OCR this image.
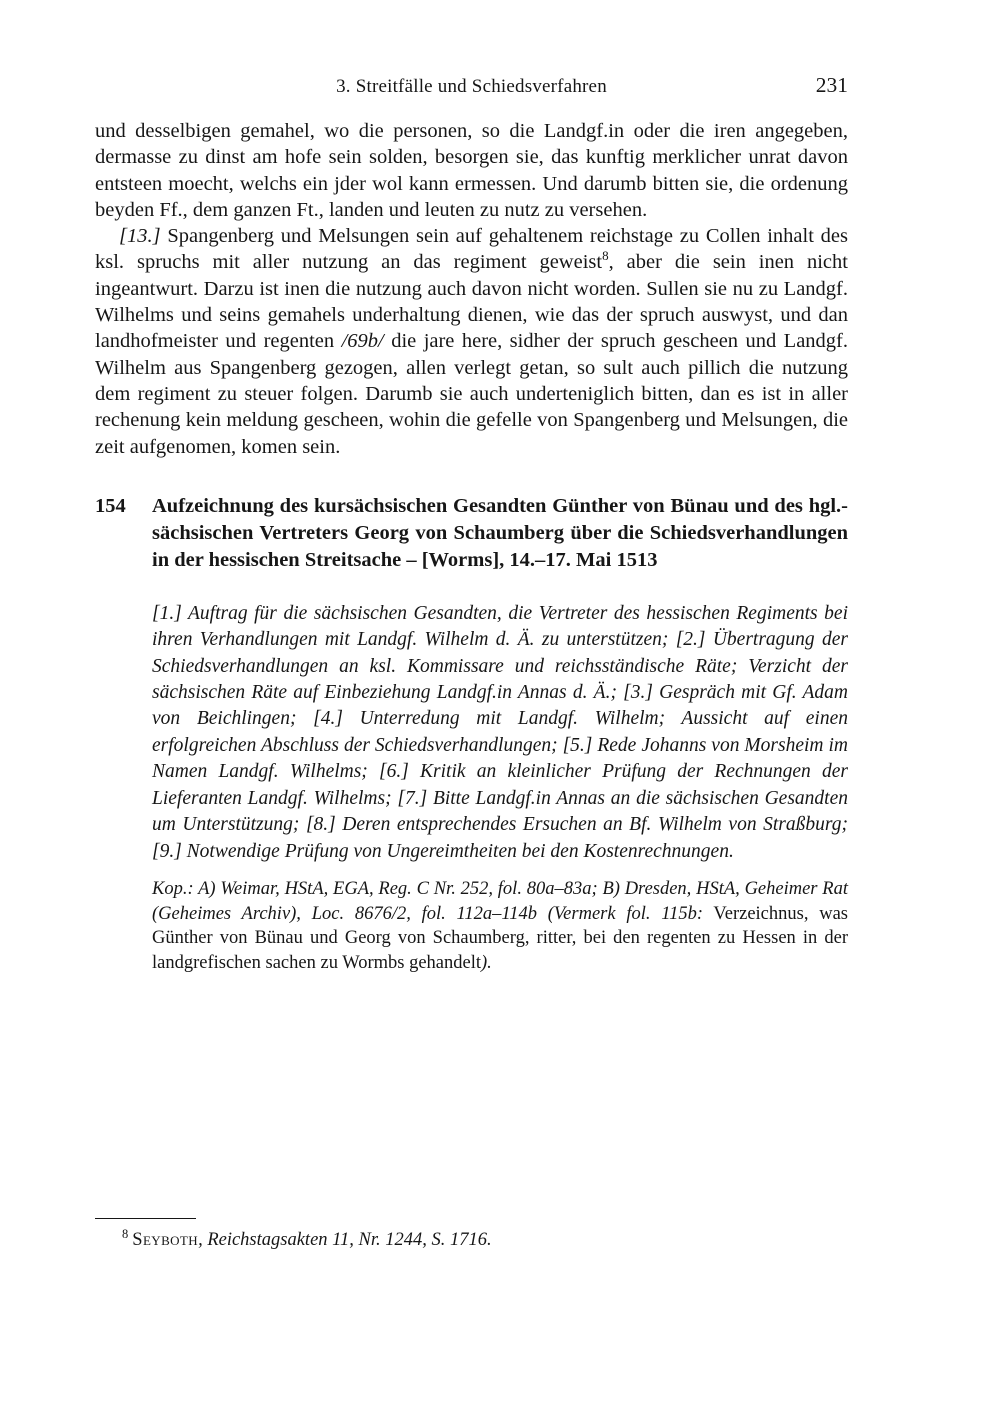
3. Streitfälle und Schiedsverfahren	231

und desselbigen gemahel, wo die personen, so die Landgf.in oder die iren angegeben, dermasse zu dinst am hofe sein solden, besorgen sie, das kunftig merklicher unrat davon entsteen moecht, welchs ein jder wol kann ermessen. Und darumb bitten sie, die ordenung beyden Ff., dem ganzen Ft., landen und leuten zu nutz zu versehen.

[13.] Spangenberg und Melsungen sein auf gehaltenem reichstage zu Collen inhalt des ksl. spruchs mit aller nutzung an das regiment geweist$^8$, aber die sein inen nicht ingeantwurt. Darzu ist inen die nutzung auch davon nicht worden. Sullen sie nu zu Landgf. Wilhelms und seins gemahels underhaltung dienen, wie das der spruch auswyst, und dan landhofmeister und regenten /69b/ die jare here, sidher der spruch gescheen und Landgf. Wilhelm aus Spangenberg gezogen, allen verlegt getan, so sult auch pillich die nutzung dem regiment zu steuer folgen. Darumb sie auch underteniglich bitten, dan es ist in aller rechenung kein meldung gescheen, wohin die gefelle von Spangenberg und Melsungen, die zeit aufgenomen, komen sein.

154	Aufzeichnung des kursächsischen Gesandten Günther von Bünau und des hgl.-sächsischen Vertreters Georg von Schaumberg über die Schiedsverhandlungen in der hessischen Streitsache – [Worms], 14.–17. Mai 1513

[1.] Auftrag für die sächsischen Gesandten, die Vertreter des hessischen Regiments bei ihren Verhandlungen mit Landgf. Wilhelm d. Ä. zu unterstützen; [2.] Übertragung der Schiedsverhandlungen an ksl. Kommissare und reichsständische Räte; Verzicht der sächsischen Räte auf Einbeziehung Landgf.in Annas d. Ä.; [3.] Gespräch mit Gf. Adam von Beichlingen; [4.] Unterredung mit Landgf. Wilhelm; Aussicht auf einen erfolgreichen Abschluss der Schiedsverhandlungen; [5.] Rede Johanns von Morsheim im Namen Landgf. Wilhelms; [6.] Kritik an kleinlicher Prüfung der Rechnungen der Lieferanten Landgf. Wilhelms; [7.] Bitte Landgf.in Annas an die sächsischen Gesandten um Unterstützung; [8.] Deren entsprechendes Ersuchen an Bf. Wilhelm von Straßburg; [9.] Notwendige Prüfung von Ungereimtheiten bei den Kostenrechnungen.

Kop.: A) Weimar, HStA, EGA, Reg. C Nr. 252, fol. 80a–83a; B) Dresden, HStA, Geheimer Rat (Geheimes Archiv), Loc. 8676/2, fol. 112a–114b (Vermerk fol. 115b: Verzeichnus, was Günther von Bünau und Georg von Schaumberg, ritter, bei den regenten zu Hessen in der landgrefischen sachen zu Wormbs gehandelt).

$^8$ Seyboth, Reichstagsakten 11, Nr. 1244, S. 1716.
